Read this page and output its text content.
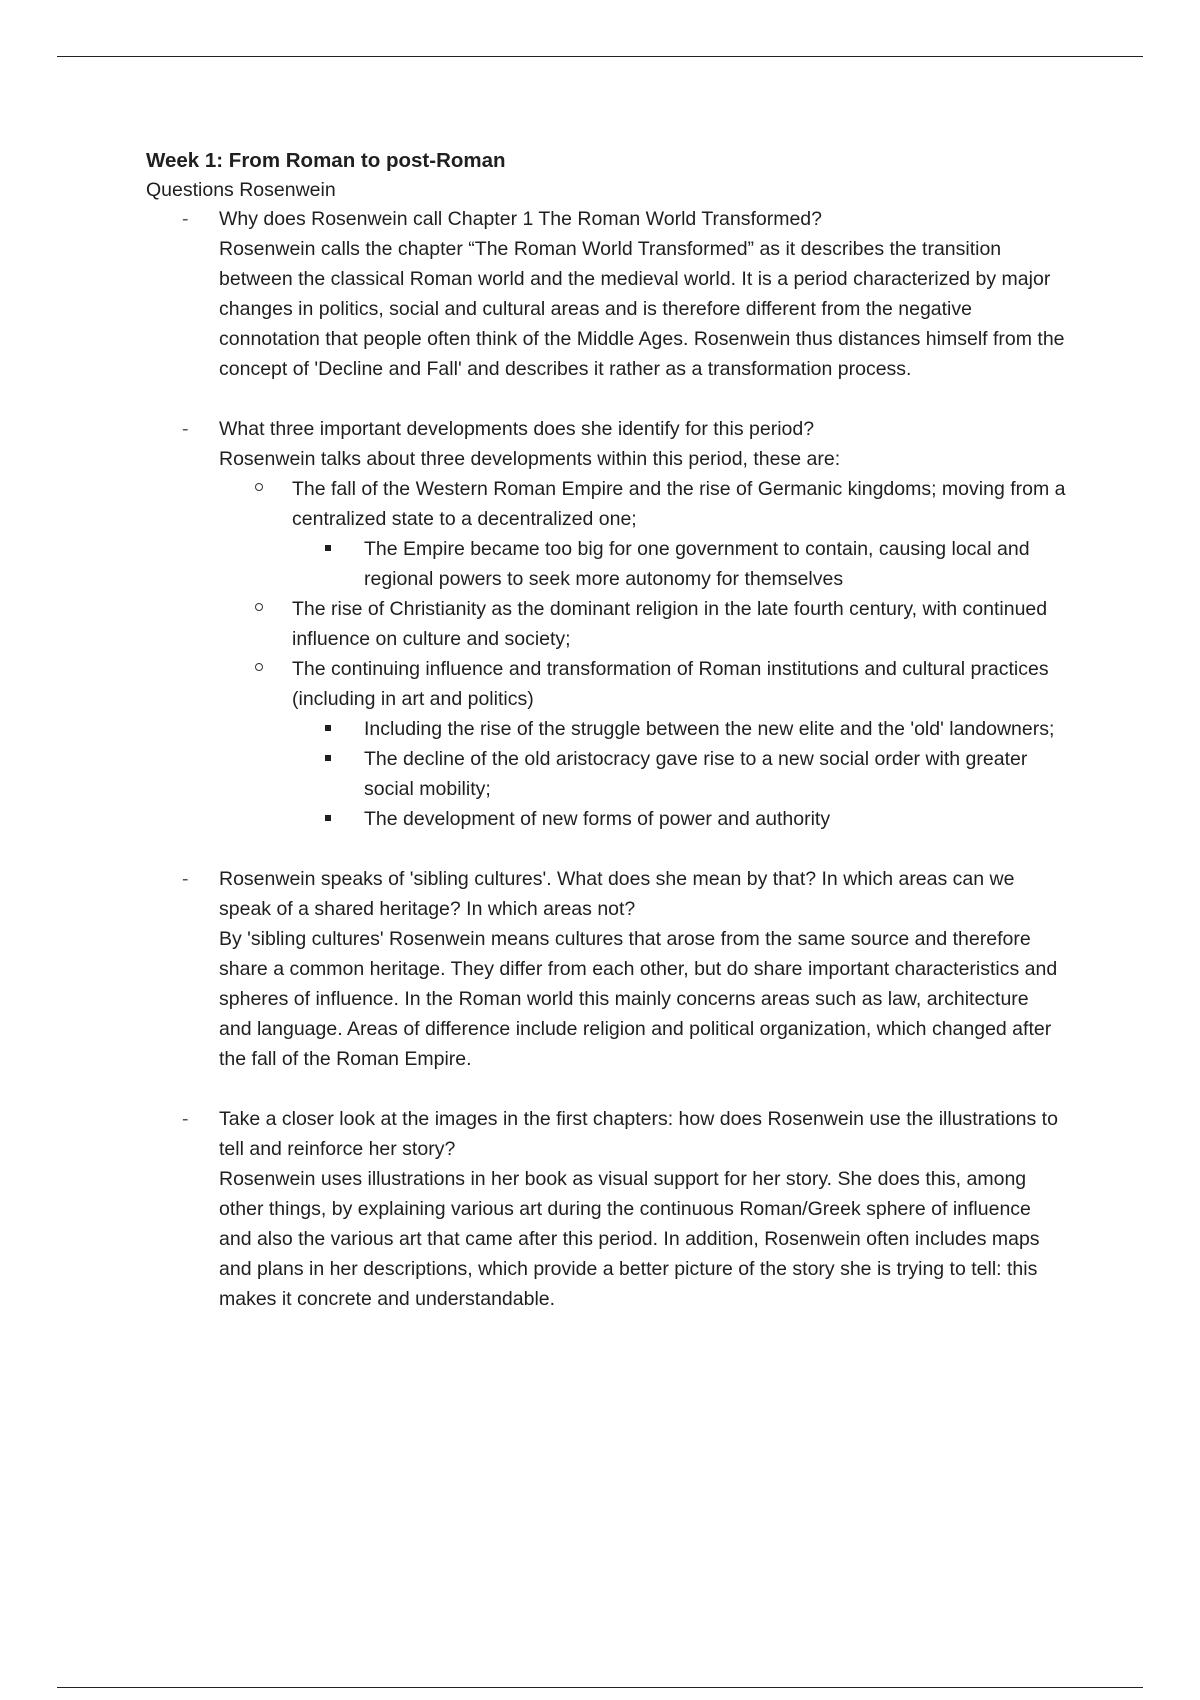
Week 1: From Roman to post-Roman
Questions Rosenwein
- Why does Rosenwein call Chapter 1 The Roman World Transformed?
Rosenwein calls the chapter “The Roman World Transformed” as it describes the transition between the classical Roman world and the medieval world. It is a period characterized by major changes in politics, social and cultural areas and is therefore different from the negative connotation that people often think of the Middle Ages. Rosenwein thus distances himself from the concept of 'Decline and Fall' and describes it rather as a transformation process.
- What three important developments does she identify for this period?
Rosenwein talks about three developments within this period, these are:
The fall of the Western Roman Empire and the rise of Germanic kingdoms; moving from a centralized state to a decentralized one;
The Empire became too big for one government to contain, causing local and regional powers to seek more autonomy for themselves
The rise of Christianity as the dominant religion in the late fourth century, with continued influence on culture and society;
The continuing influence and transformation of Roman institutions and cultural practices (including in art and politics)
Including the rise of the struggle between the new elite and the 'old' landowners;
The decline of the old aristocracy gave rise to a new social order with greater social mobility;
The development of new forms of power and authority
- Rosenwein speaks of 'sibling cultures'. What does she mean by that? In which areas can we speak of a shared heritage? In which areas not?
By 'sibling cultures' Rosenwein means cultures that arose from the same source and therefore share a common heritage. They differ from each other, but do share important characteristics and spheres of influence. In the Roman world this mainly concerns areas such as law, architecture and language. Areas of difference include religion and political organization, which changed after the fall of the Roman Empire.
- Take a closer look at the images in the first chapters: how does Rosenwein use the illustrations to tell and reinforce her story?
Rosenwein uses illustrations in her book as visual support for her story. She does this, among other things, by explaining various art during the continuous Roman/Greek sphere of influence and also the various art that came after this period. In addition, Rosenwein often includes maps and plans in her descriptions, which provide a better picture of the story she is trying to tell: this makes it concrete and understandable.
